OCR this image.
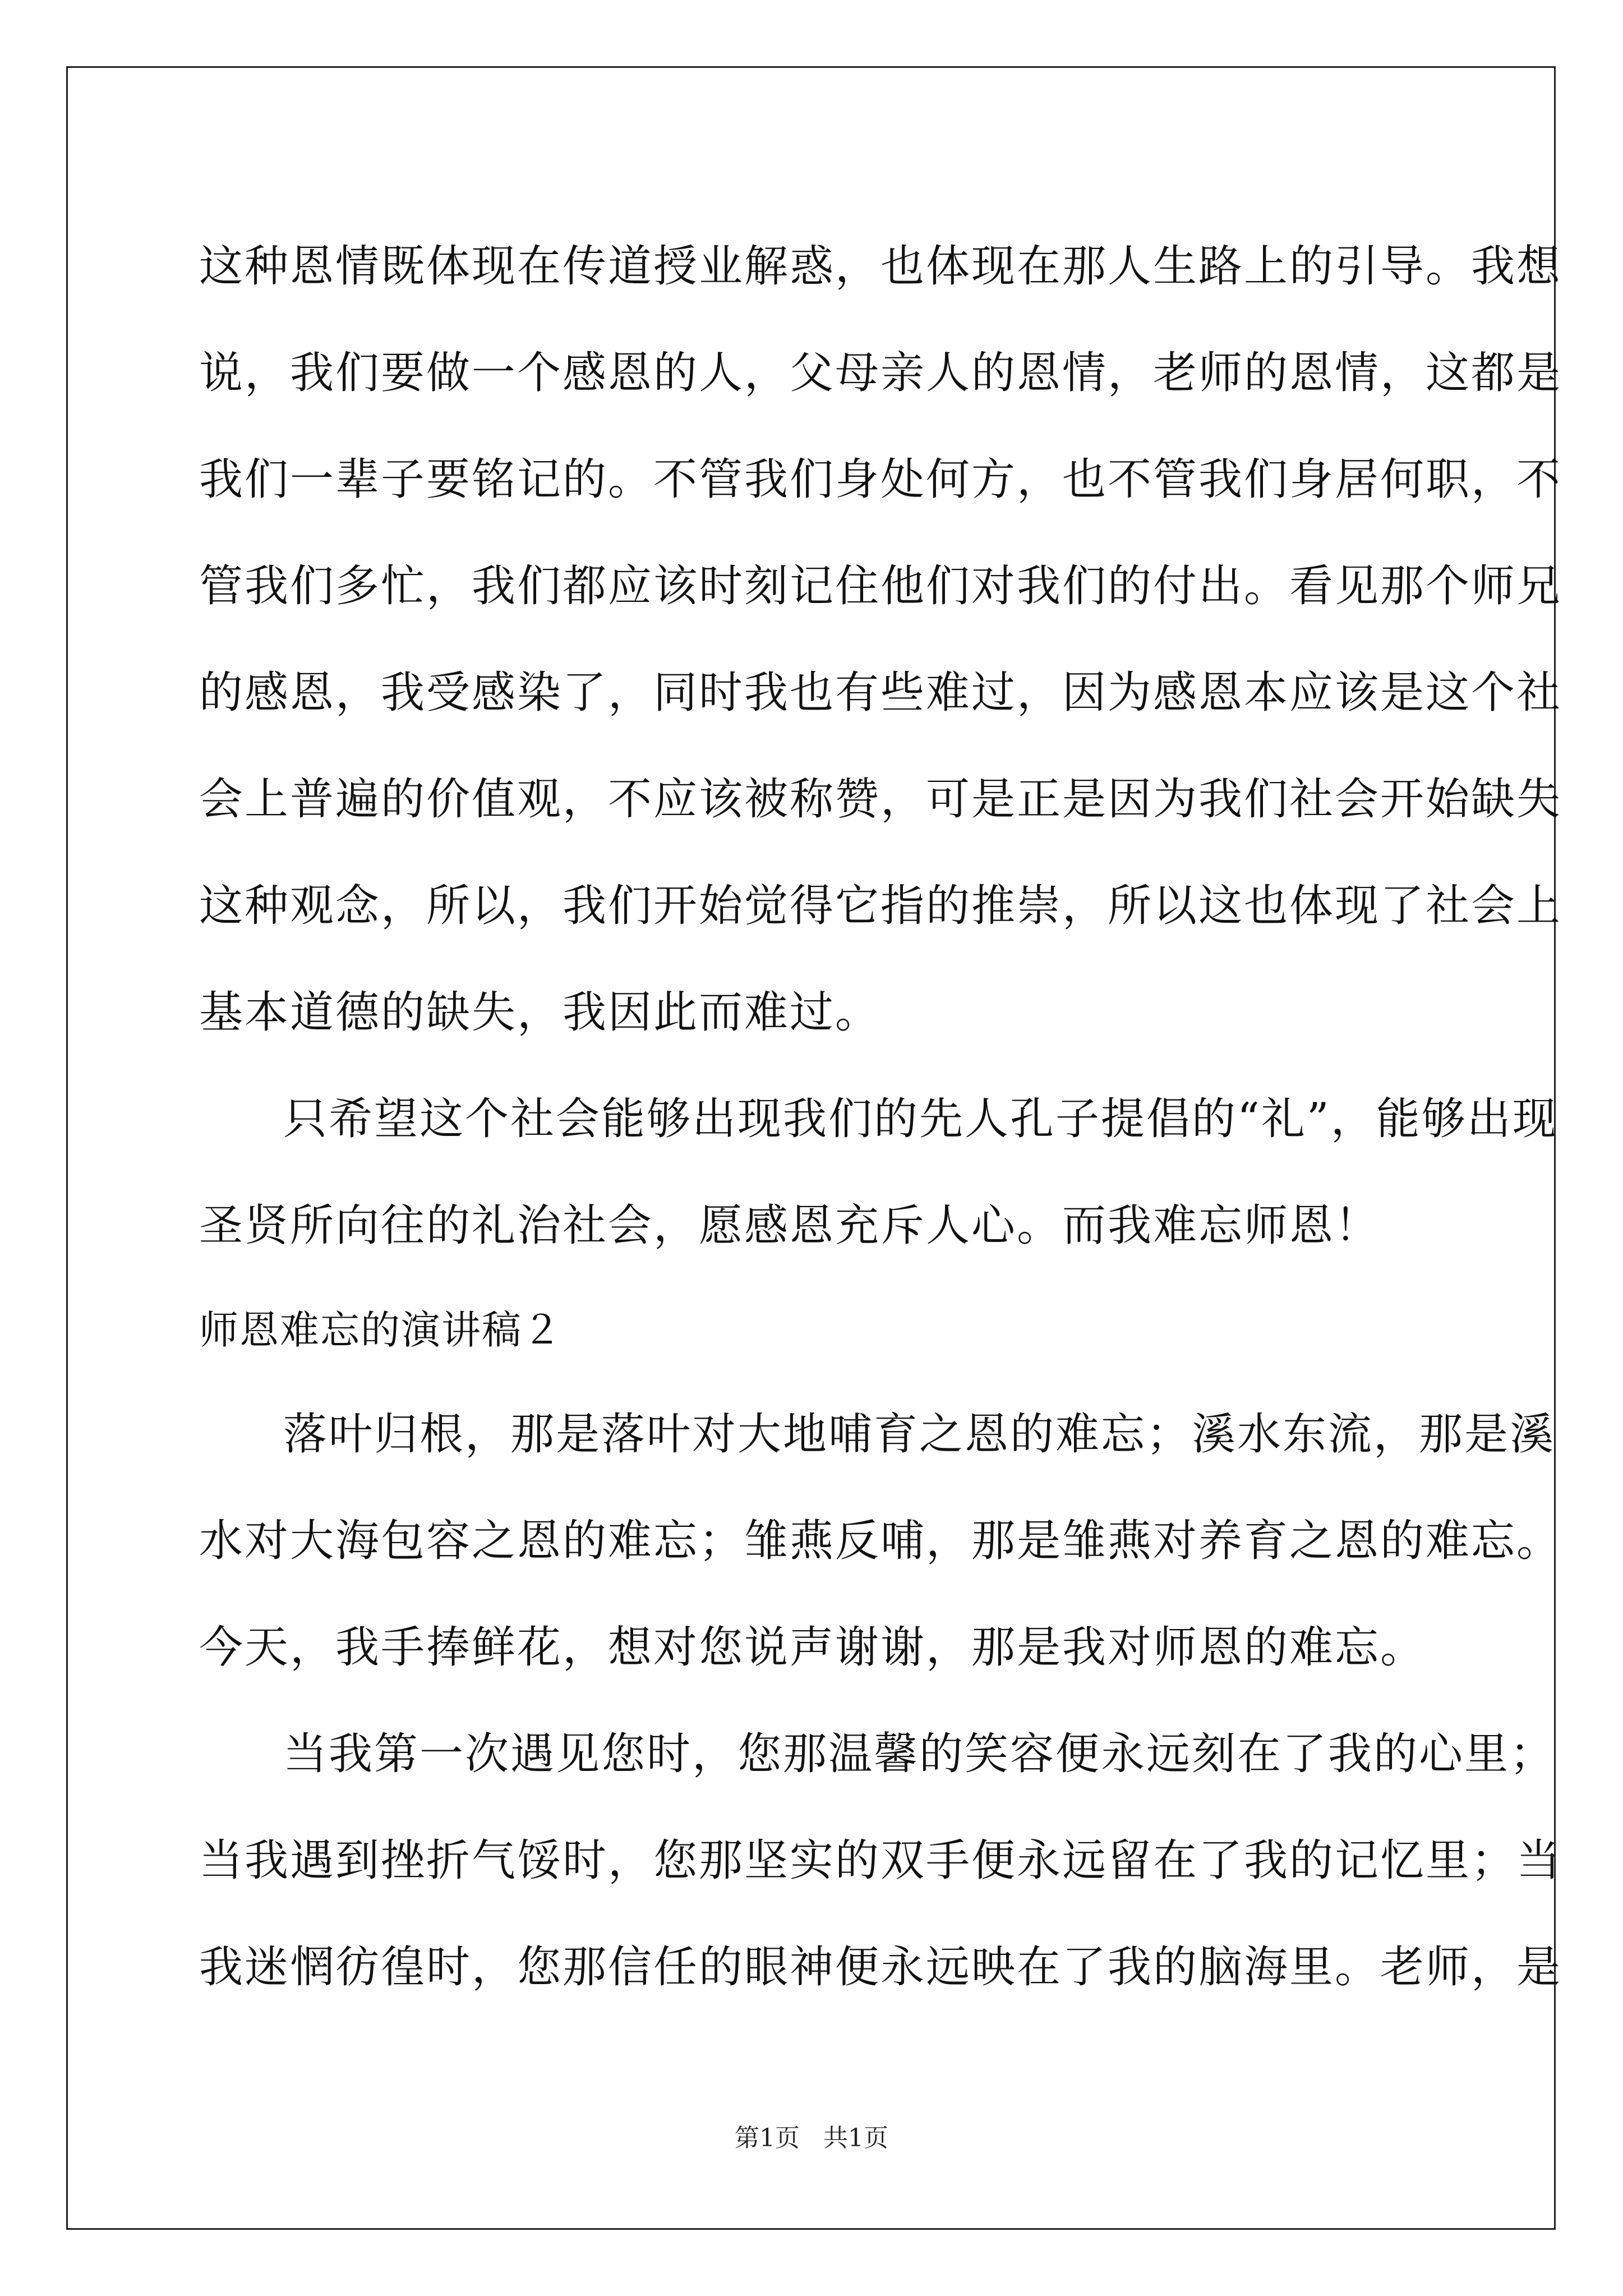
这种恩情既体现在传道授业解惑，也体现在那人生路上的引导。我想
说，我们要做一个感恩的人，父母亲人的恩情，老师的恩情，这都是
我们一辈子要铭记的。不管我们身处何方，也不管我们身居何职，不
管我们多忙，我们都应该时刻记住他们对我们的付出。看见那个师兄
的感恩，我受感染了，同时我也有些难过，因为感恩本应该是这个社
会上普遍的价值观，不应该被称赞，可是正是因为我们社会开始缺失
这种观念，所以，我们开始觉得它指的推崇，所以这也体现了社会上
基本道德的缺失，我因此而难过。
只希望这个社会能够出现我们的先人孔子提倡的“礼”，能够出现
圣贤所向往的礼治社会，愿感恩充斥人心。而我难忘师恩！
师恩难忘的演讲稿２
落叶归根，那是落叶对大地哺育之恩的难忘；溪水东流，那是溪
水对大海包容之恩的难忘；雏燕反哺，那是雏燕对养育之恩的难忘。
今天，我手捧鲜花，想对您说声谢谢，那是我对师恩的难忘。
当我第一次遇见您时，您那温馨的笑容便永远刻在了我的心里；
当我遇到挫折气馁时，您那坚实的双手便永远留在了我的记忆里；当
我迷惘彷徨时，您那信任的眼神便永远映在了我的脑海里。老师，是
第1页 共1页
